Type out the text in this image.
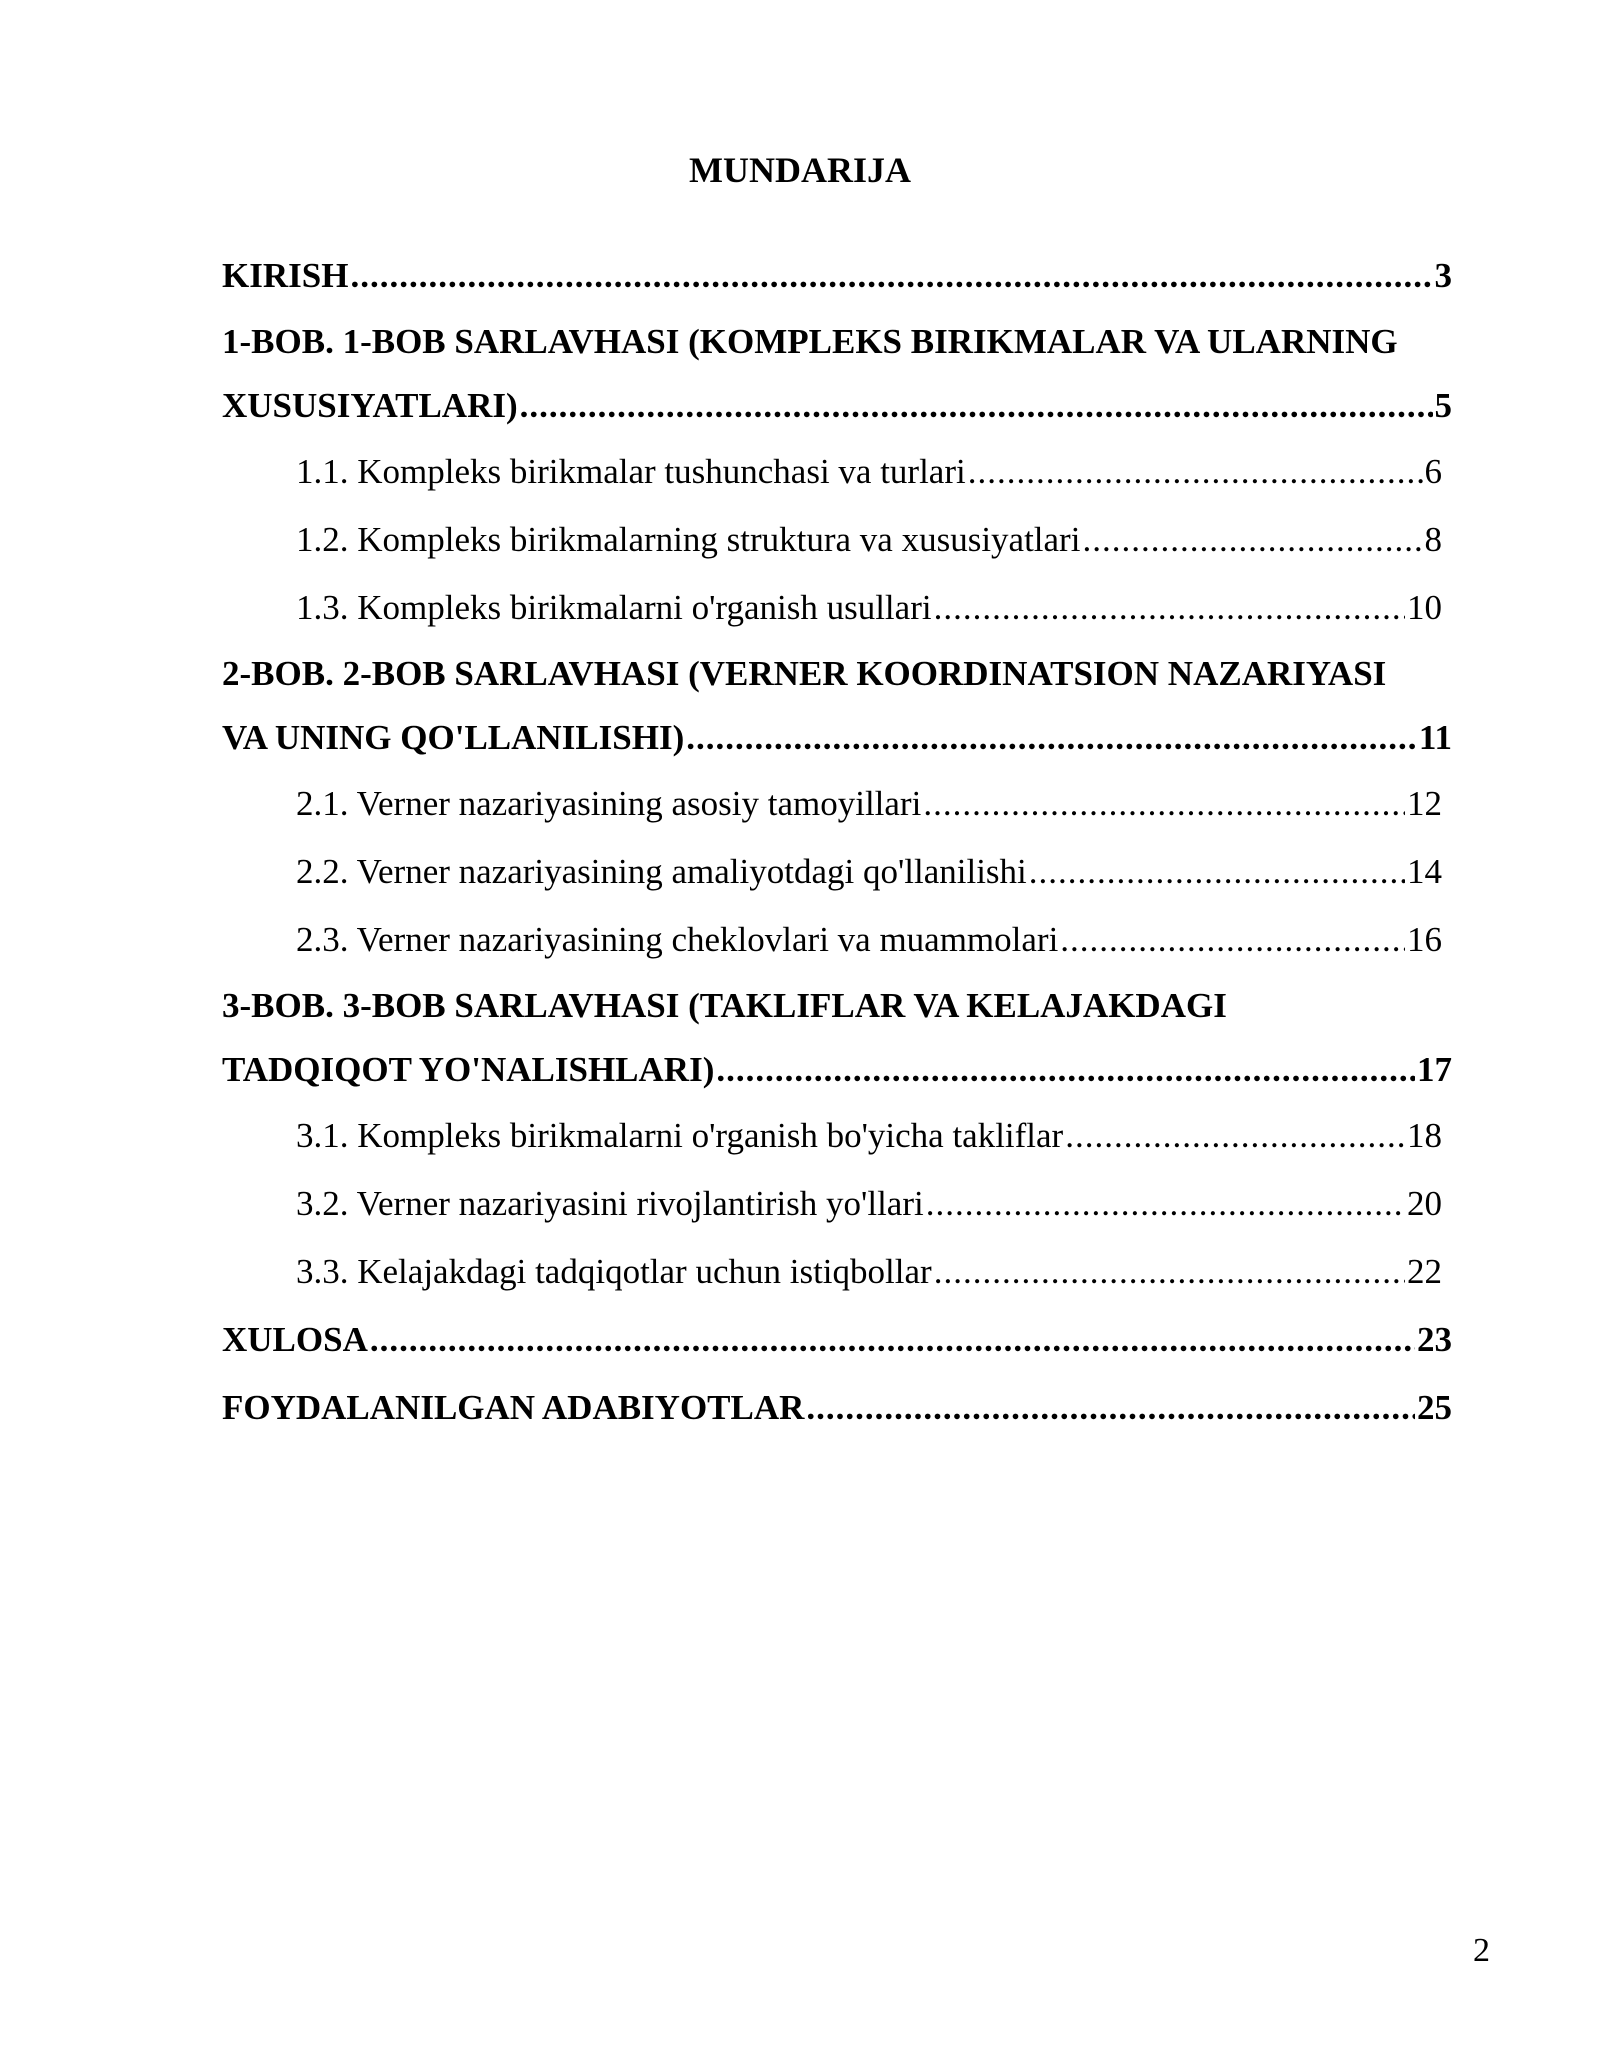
MUNDARIJA
KIRISH .....	3
1-BOB. 1-BOB SARLAVHASI (KOMPLEKS BIRIKMALAR VA ULARNING
XUSUSIYATLARI) .....	5
1.1. Kompleks birikmalar tushunchasi va turlari .....	6
1.2. Kompleks birikmalarning struktura va xususiyatlari .....	8
1.3. Kompleks birikmalarni o'rganish usullari .....	10
2-BOB. 2-BOB SARLAVHASI (VERNER KOORDINATSION NAZARIYASI
VA UNING QO'LLANILISHI) .....	11
2.1. Verner nazariyasining asosiy tamoyillari .....	12
2.2. Verner nazariyasining amaliyotdagi qo'llanilishi .....	14
2.3. Verner nazariyasining cheklovlari va muammolari .....	16
3-BOB. 3-BOB SARLAVHASI (TAKLIFLAR VA KELAJAKDAGI
TADQIQOT YO'NALISHLARI) .....	17
3.1. Kompleks birikmalarni o'rganish bo'yicha takliflar .....	18
3.2. Verner nazariyasini rivojlantirish yo'llari .....	20
3.3. Kelajakdagi tadqiqotlar uchun istiqbollar .....	22
XULOSA .....	23
FOYDALANILGAN ADABIYOTLAR .....	25
2
